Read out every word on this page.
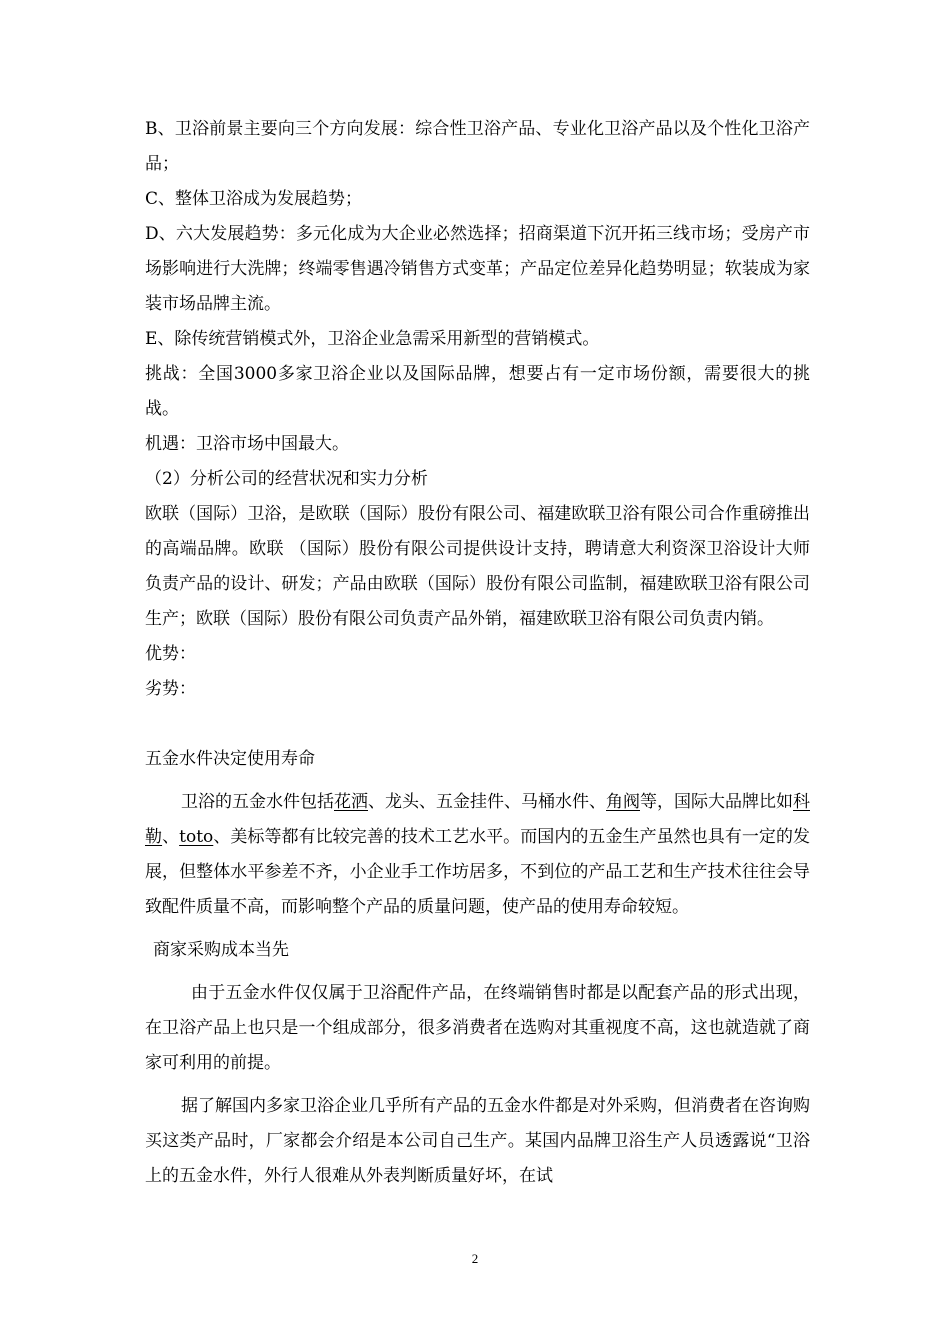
B、卫浴前景主要向三个方向发展：综合性卫浴产品、专业化卫浴产品以及个性化卫浴产品；

C、整体卫浴成为发展趋势；

D、六大发展趋势：多元化成为大企业必然选择；招商渠道下沉开拓三线市场；受房产市场影响进行大洗牌；终端零售遇冷销售方式变革；产品定位差异化趋势明显；软装成为家装市场品牌主流。

E、除传统营销模式外，卫浴企业急需采用新型的营销模式。

挑战：全国3000多家卫浴企业以及国际品牌，想要占有一定市场份额，需要很大的挑战。

机遇：卫浴市场中国最大。

（2）分析公司的经营状况和实力分析

欧联（国际）卫浴，是欧联（国际）股份有限公司、福建欧联卫浴有限公司合作重磅推出的高端品牌。欧联 （国际）股份有限公司提供设计支持，聘请意大利资深卫浴设计大师负责产品的设计、研发；产品由欧联（国际）股份有限公司监制，福建欧联卫浴有限公司生产；欧联（国际）股份有限公司负责产品外销，福建欧联卫浴有限公司负责内销。

优势：

劣势：

五金水件决定使用寿命

卫浴的五金水件包括花洒、龙头、五金挂件、马桶水件、角阀等，国际大品牌比如科勒、toto、美标等都有比较完善的技术工艺水平。而国内的五金生产虽然也具有一定的发展，但整体水平参差不齐，小企业手工作坊居多，不到位的产品工艺和生产技术往往会导致配件质量不高，而影响整个产品的质量问题，使产品的使用寿命较短。

商家采购成本当先

由于五金水件仅仅属于卫浴配件产品，在终端销售时都是以配套产品的形式出现，在卫浴产品上也只是一个组成部分，很多消费者在选购对其重视度不高，这也就造就了商家可利用的前提。

据了解国内多家卫浴企业几乎所有产品的五金水件都是对外采购，但消费者在咨询购买这类产品时，厂家都会介绍是本公司自己生产。某国内品牌卫浴生产人员透露说“卫浴上的五金水件，外行人很难从外表判断质量好坏，在试

2
